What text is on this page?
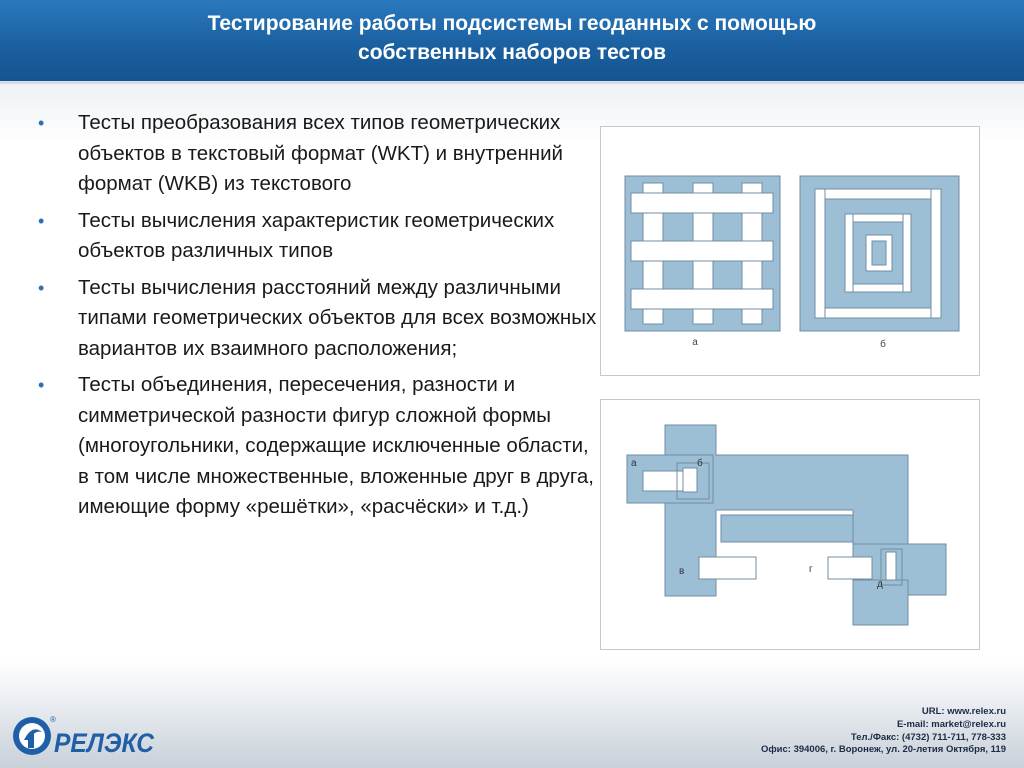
Тестирование работы подсистемы геоданных с помощью
собственных наборов тестов
• Тесты преобразования всех типов геометрических объектов в текстовый формат (WKT) и внутренний формат (WKB) из текстового
• Тесты вычисления характеристик геометрических объектов различных типов
• Тесты вычисления расстояний между различными типами геометрических объектов для всех возможных вариантов их взаимного расположения;
• Тесты объединения, пересечения, разности и симметрической разности фигур сложной формы (многоугольники, содержащие исключенные области, в том числе множественные, вложенные друг в друга, имеющие форму «решётки», «расчёски» и т.д.)
а	б
а	б
в	г
д
®
РЕЛЭКС
URL: www.relex.ru
E-mail: market@relex.ru
Тел./Факс: (4732) 711-711, 778-333
Офис: 394006, г. Воронеж, ул. 20-летия Октября, 119
